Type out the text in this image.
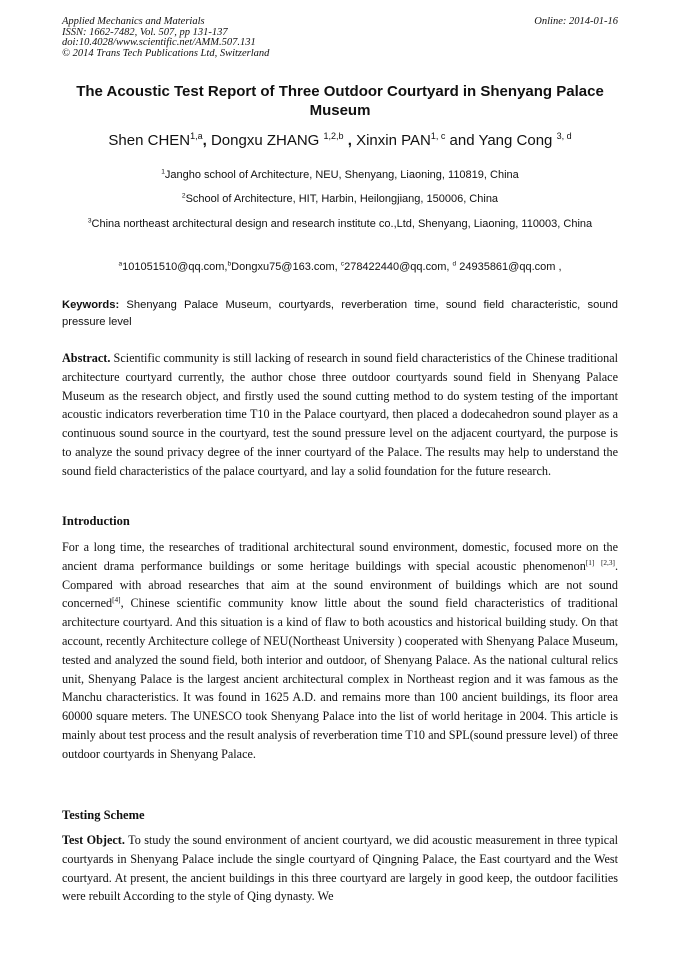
Applied Mechanics and Materials
ISSN: 1662-7482, Vol. 507, pp 131-137
doi:10.4028/www.scientific.net/AMM.507.131
© 2014 Trans Tech Publications Ltd, Switzerland
Online: 2014-01-16
The Acoustic Test Report of Three Outdoor Courtyard in Shenyang Palace Museum
Shen CHEN$^{1,a}$, Dongxu ZHANG $^{1,2,b}$ , Xinxin PAN$^{1, c}$ and Yang Cong $^{3, d}$
$^1$Jangho school of Architecture, NEU, Shenyang, Liaoning, 110819, China
$^2$School of Architecture, HIT, Harbin, Heilongjiang, 150006, China
$^3$China northeast architectural design and research institute co.,Ltd, Shenyang, Liaoning, 110003, China
$^a$101051510@qq.com,$^b$Dongxu75@163.com, $^c$278422440@qq.com, $^d$ 24935861@qq.com ,
Keywords: Shenyang Palace Museum, courtyards, reverberation time, sound field characteristic, sound pressure level

Abstract. Scientific community is still lacking of research in sound field characteristics of the Chinese traditional architecture courtyard currently, the author chose three outdoor courtyards sound field in Shenyang Palace Museum as the research object, and firstly used the sound cutting method to do system testing of the important acoustic indicators reverberation time T10 in the Palace courtyard, then placed a dodecahedron sound player as a continuous sound source in the courtyard, test the sound pressure level on the adjacent courtyard, the purpose is to analyze the sound privacy degree of the inner courtyard of the Palace. The results may help to understand the sound field characteristics of the palace courtyard, and lay a solid foundation for the future research.

Introduction

For a long time, the researches of traditional architectural sound environment, domestic, focused more on the ancient drama performance buildings or some heritage buildings with special acoustic phenomenon[1] [2,3]. Compared with abroad researches that aim at the sound environment of buildings which are not sound concerned[4], Chinese scientific community know little about the sound field characteristics of traditional architecture courtyard. And this situation is a kind of flaw to both acoustics and historical building study. On that account, recently Architecture college of NEU(Northeast University ) cooperated with Shenyang Palace Museum, tested and analyzed the sound field, both interior and outdoor, of Shenyang Palace. As the national cultural relics unit, Shenyang Palace is the largest ancient architectural complex in Northeast region and it was famous as the Manchu characteristics. It was found in 1625 A.D. and remains more than 100 ancient buildings, its floor area 60000 square meters. The UNESCO took Shenyang Palace into the list of world heritage in 2004. This article is mainly about test process and the result analysis of reverberation time T10 and SPL(sound pressure level) of three outdoor courtyards in Shenyang Palace.

Testing Scheme

Test Object. To study the sound environment of ancient courtyard, we did acoustic measurement in three typical courtyards in Shenyang Palace include the single courtyard of Qingning Palace, the East courtyard and the West courtyard. At present, the ancient buildings in this three courtyard are largely in good keep, the outdoor facilities were rebuilt According to the style of Qing dynasty. We
